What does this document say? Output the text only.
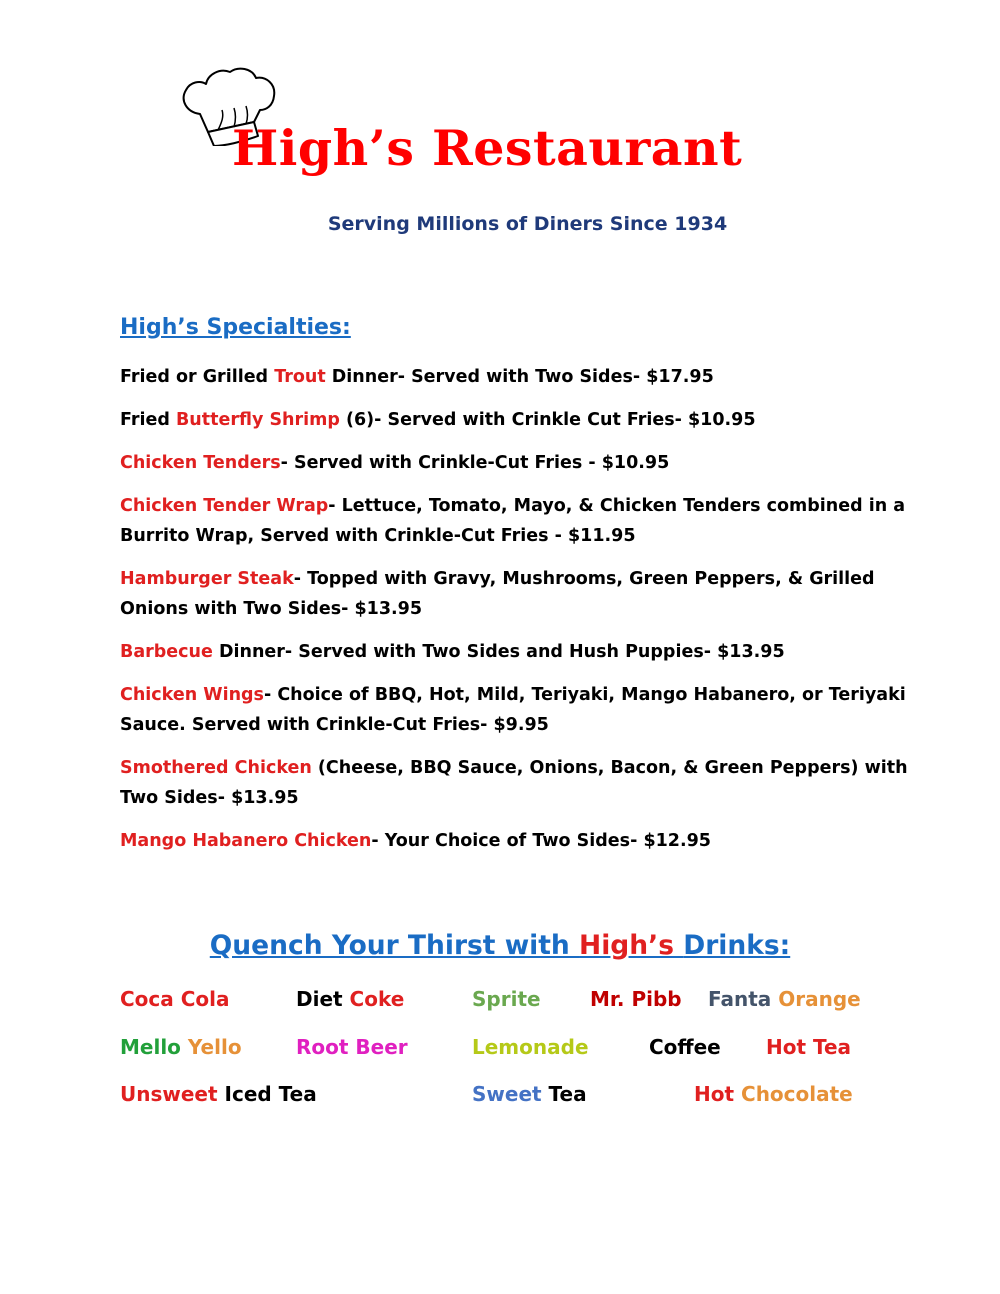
High’s Restaurant

Serving Millions of Diners Since 1934

High’s Specialties:

Fried or Grilled Trout Dinner- Served with Two Sides- $17.95

Fried Butterfly Shrimp (6)- Served with Crinkle Cut Fries- $10.95

Chicken Tenders- Served with Crinkle-Cut Fries - $10.95

Chicken Tender Wrap- Lettuce, Tomato, Mayo, & Chicken Tenders combined in a Burrito Wrap, Served with Crinkle-Cut Fries - $11.95

Hamburger Steak- Topped with Gravy, Mushrooms, Green Peppers, & Grilled Onions with Two Sides- $13.95

Barbecue Dinner- Served with Two Sides and Hush Puppies- $13.95

Chicken Wings- Choice of BBQ, Hot, Mild, Teriyaki, Mango Habanero, or Teriyaki Sauce. Served with Crinkle-Cut Fries- $9.95

Smothered Chicken (Cheese, BBQ Sauce, Onions, Bacon, & Green Peppers) with Two Sides- $13.95

Mango Habanero Chicken- Your Choice of Two Sides- $12.95

Quench Your Thirst with High’s Drinks:
Coca Cola	Diet Coke	Sprite Mr. Pibb Fanta Orange
Mello Yello	Root Beer	Lemonade	Coffee Hot Tea
Unsweet Iced Tea	Sweet Tea	Hot Chocolate
